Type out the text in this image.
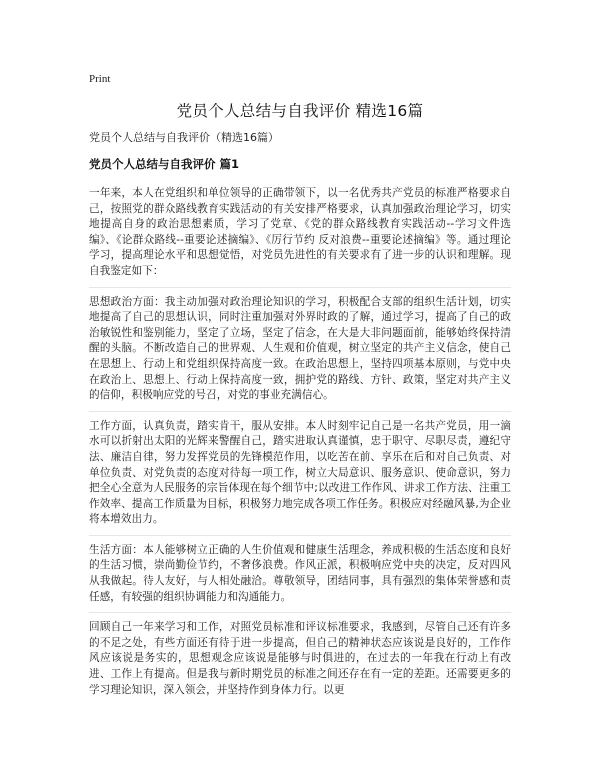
Print
党员个人总结与自我评价 精选16篇
党员个人总结与自我评价（精选16篇）
党员个人总结与自我评价 篇1

一年来，本人在党组织和单位领导的正确带领下，以一名优秀共产党员的标准严格要求自己，按照党的群众路线教育实践活动的有关安排严格要求，认真加强政治理论学习，切实地提高自身的政治思想素质，学习了党章、《党的群众路线教育实践活动--学习文件选编》、《论群众路线--重要论述摘编》、《厉行节约 反对浪费--重要论述摘编》等。通过理论学习，提高理论水平和思想觉悟，对党员先进性的有关要求有了进一步的认识和理解。现自我鉴定如下：

思想政治方面：我主动加强对政治理论知识的学习，积极配合支部的组织生活计划，切实地提高了自己的思想认识，同时注重加强对外界时政的了解，通过学习，提高了自己的政治敏锐性和鉴别能力，坚定了立场，坚定了信念，在大是大非问题面前，能够始终保持清醒的头脑。不断改造自己的世界观、人生观和价值观，树立坚定的共产主义信念，使自己在思想上、行动上和党组织保持高度一致。在政治思想上，坚持四项基本原则，与党中央在政治上、思想上、行动上保持高度一致，拥护党的路线、方针、政策，坚定对共产主义的信仰，积极响应党的号召，对党的事业充满信心。

工作方面，认真负责，踏实肯干，服从安排。本人时刻牢记自己是一名共产党员，用一滴水可以折射出太阳的光辉来警醒自己，踏实进取认真谨慎，忠于职守、尽职尽责，遵纪守法、廉洁自律，努力发挥党员的先锋模范作用，以吃苦在前、享乐在后和对自己负责、对单位负责、对党负责的态度对待每一项工作，树立大局意识、服务意识、使命意识，努力把全心全意为人民服务的宗旨体现在每个细节中;以改进工作作风、讲求工作方法、注重工作效率、提高工作质量为目标，积极努力地完成各项工作任务。积极应对经融风暴,为企业将本增效出力。

生活方面：本人能够树立正确的人生价值观和健康生活理念，养成积极的生活态度和良好的生活习惯，崇尚勤俭节约，不奢侈浪费。作风正派，积极响应党中央的决定，反对四风从我做起。待人友好，与人相处融洽。尊敬领导，团结同事，具有强烈的集体荣誉感和责任感，有较强的组织协调能力和沟通能力。

回顾自己一年来学习和工作，对照党员标准和评议标准要求，我感到，尽管自己还有许多的不足之处，有些方面还有待于进一步提高，但自己的精神状态应该说是良好的，工作作风应该说是务实的，思想观念应该说是能够与时俱进的，在过去的一年我在行动上有改进、工作上有提高。但是我与新时期党员的标准之间还存在有一定的差距。还需要更多的学习理论知识，深入领会，并坚持作到身体力行。以更
